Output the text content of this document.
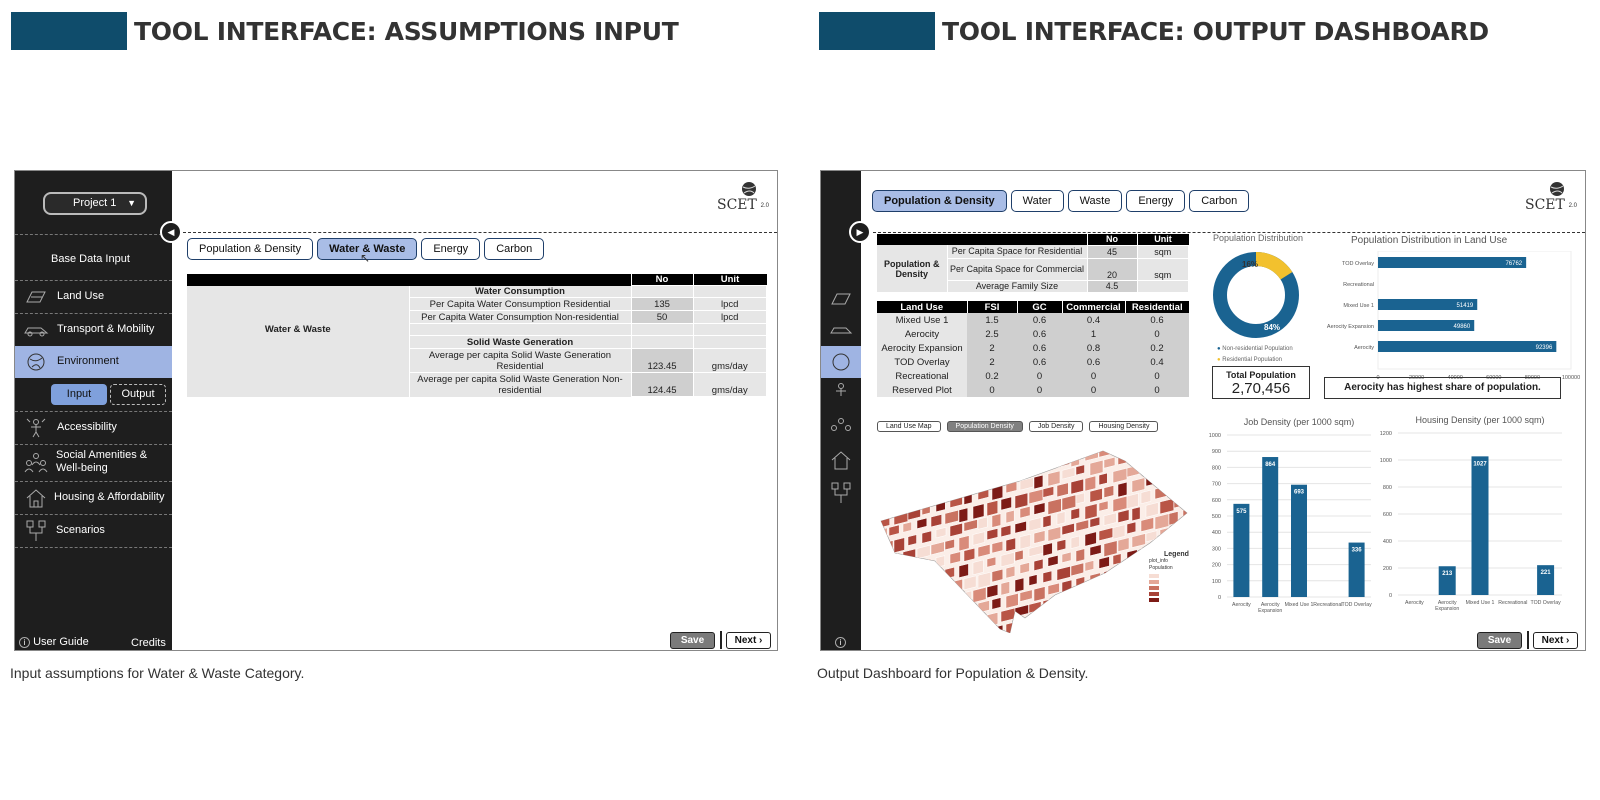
TOOL INTERFACE: ASSUMPTIONS INPUT	TOOL INTERFACE: OUTPUT DASHBOARD
Project 1 ▼
Base Data Input
Land Use
Transport & Mobility
Environment
Input	Output
Accessibility
Social Amenities & Well-being
Housing & Affordability
Scenarios
i User Guide	Credits
◀
SCET 2.0
Population & Density	Water & Waste	Energy	Carbon
↖
		No	Unit
Water & Waste	Water Consumption		
	Per Capita Water Consumption Residential	135	lpcd
	Per Capita Water Consumption Non-residential	50	lpcd

	Solid Waste Generation		
	Average per capita Solid Waste Generation Residential	123.45	gms/day
	Average per capita Solid Waste Generation Non-residential	124.45	gms/day
Save	Next ›	i
▶
SCET 2.0
Population & Density	Water	Waste	Energy	Carbon
		No	Unit
Population & Density	Per Capita Space for Residential	45	sqm
	Per Capita Space for Commercial	20	sqm
	Average Family Size	4.5	
Land Use	FSI	GC	Commercial	Residential
Mixed Use 1	1.5	0.6	0.4	0.6
Aerocity	2.5	0.6	1	0
Aerocity Expansion	2	0.6	0.8	0.2
TOD Overlay	2	0.6	0.6	0.4
Recreational	0.2	0	0	0
Reserved Plot	0	0	0	0
Population Distribution
16%
84%
● Non-residential Population
● Residential Population
Total Population
2,70,456
Population Distribution in Land Use
TOD Overlay	76762
Recreational
Mixed Use 1	51419
Aerocity Expansion	49860
Aerocity	92396
0	20000	40000	60000	80000	100000
Aerocity has highest share of population.
Land Use Map	Population Density	Job Density	Housing Density
Legend
plot_info
Population
Job Density (per 1000 sqm)
0
100
200
300
400
500
600
700
800
900
1000
Aerocity
575
Aerocity
Expansion
864
Mixed Use 1
693
Recreational TOD Overlay
336
Housing Density (per 1000 sqm)
0
200
400
600
800
1000
1200
Aerocity	Aerocity
Expansion
213
Mixed Use 1
1027
Recreational TOD Overlay
221
Save	Next ›
Input assumptions for Water & Waste Category.	Output Dashboard for Population & Density.
